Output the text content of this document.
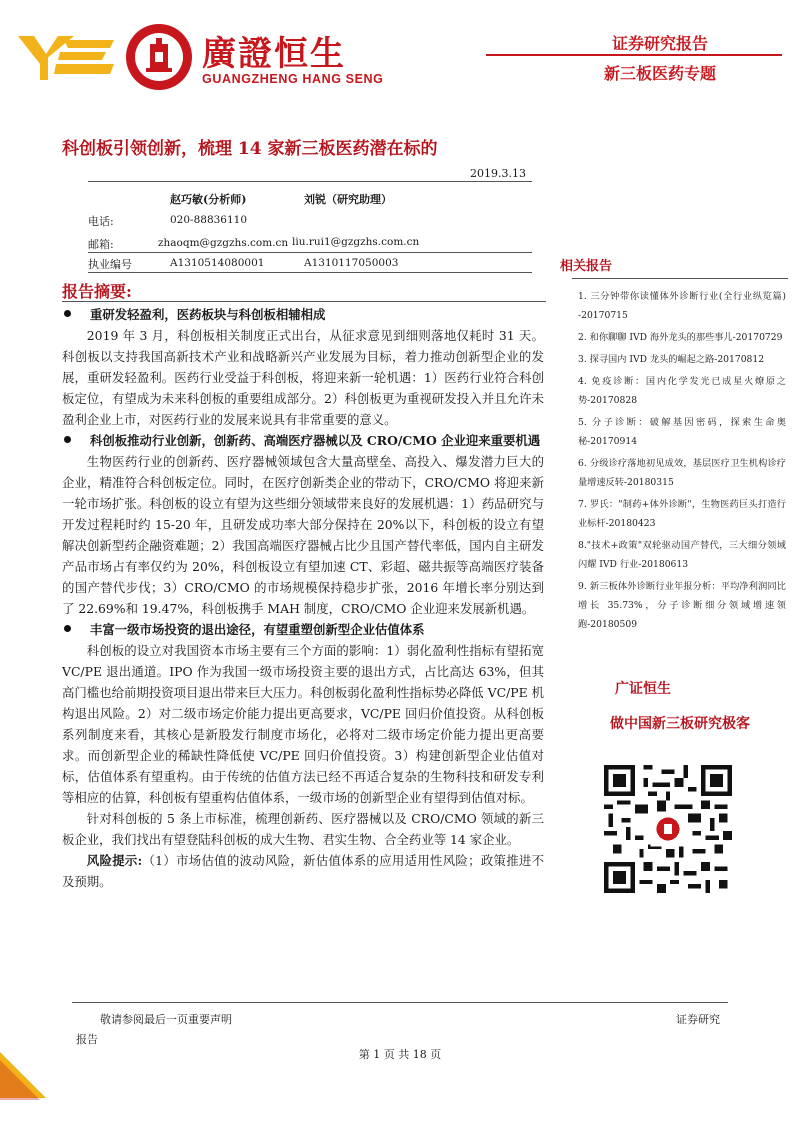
廣證恒生
GUANGZHENG HANG SENG
证券研究报告
新三板医药专题
科创板引领创新，梳理 14 家新三板医药潜在标的
2019.3.13
赵巧敏(分析师)	刘锐（研究助理）
电话:	020-88836110
邮箱:	zhaoqm@gzgzhs.com.cn liu.rui1@gzgzhs.com.cn
执业编号	A1310514080001	A1310117050003
报告摘要:
重研发轻盈利，医药板块与科创板相辅相成

2019 年 3 月，科创板相关制度正式出台，从征求意见到细则落地仅耗时 31 天。科创板以支持我国高新技术产业和战略新兴产业发展为目标，着力推动创新型企业的发展，重研发轻盈利。医药行业受益于科创板，将迎来新一轮机遇：1）医药行业符合科创板定位，有望成为未来科创板的重要组成部分。2）科创板更为重视研发投入并且允许未盈利企业上市，对医药行业的发展来说具有非常重要的意义。

科创板推动行业创新，创新药、高端医疗器械以及 CRO/CMO 企业迎来重要机遇

生物医药行业的创新药、医疗器械领域包含大量高壁垒、高投入、爆发潜力巨大的企业，精准符合科创板定位。同时，在医疗创新类企业的带动下，CRO/CMO 将迎来新一轮市场扩张。科创板的设立有望为这些细分领域带来良好的发展机遇：1）药品研究与开发过程耗时约 15-20 年，且研发成功率大部分保持在 20%以下，科创板的设立有望解决创新型药企融资难题；2）我国高端医疗器械占比少且国产替代率低，国内自主研发产品市场占有率仅约为 20%，科创板设立有望加速 CT、彩超、磁共振等高端医疗装备的国产替代步伐；3）CRO/CMO 的市场规模保持稳步扩张，2016 年增长率分别达到了 22.69%和 19.47%，科创板携手 MAH 制度，CRO/CMO 企业迎来发展新机遇。

丰富一级市场投资的退出途径，有望重塑创新型企业估值体系

科创板的设立对我国资本市场主要有三个方面的影响：1）弱化盈利性指标有望拓宽 VC/PE 退出通道。IPO 作为我国一级市场投资主要的退出方式，占比高达 63%，但其高门槛也给前期投资项目退出带来巨大压力。科创板弱化盈利性指标势必降低 VC/PE 机构退出风险。2）对二级市场定价能力提出更高要求，VC/PE 回归价值投资。从科创板系列制度来看，其核心是新股发行制度市场化，必将对二级市场定价能力提出更高要求。而创新型企业的稀缺性降低使 VC/PE 回归价值投资。3）构建创新型企业估值对标，估值体系有望重构。由于传统的估值方法已经不再适合复杂的生物科技和研发专利等相应的估算，科创板有望重构估值体系，一级市场的创新型企业有望得到估值对标。

针对科创板的 5 条上市标准，梳理创新药、医疗器械以及 CRO/CMO 领域的新三板企业，我们找出有望登陆科创板的成大生物、君实生物、合全药业等 14 家企业。

风险提示:（1）市场估值的波动风险，新估值体系的应用适用性风险；政策推进不及预期。

相关报告
1. 三分钟带你读懂体外诊断行业(全行业纵览篇) -20170715
2. 和你聊聊 IVD 海外龙头的那些事儿-20170729
3. 探寻国内 IVD 龙头的崛起之路-20170812
4. 免疫诊断：国内化学发光已成星火燎原之势-20170828
5. 分子诊断：破解基因密码，探索生命奥秘-20170914
6. 分级诊疗落地初见成效，基层医疗卫生机构诊疗量增速反转-20180315
7. 罗氏："制药+体外诊断"，生物医药巨头打造行业标杆-20180423
8."技术+政策"双轮驱动国产替代，三大细分领域闪耀 IVD 行业-20180613
9. 新三板体外诊断行业年报分析：平均净利润同比增长 35.73%，分子诊断细分领域增速领跑-20180509
广证恒生
做中国新三板研究极客
敬请参阅最后一页重要声明	证券研究
报告
第 1 页 共 18 页
